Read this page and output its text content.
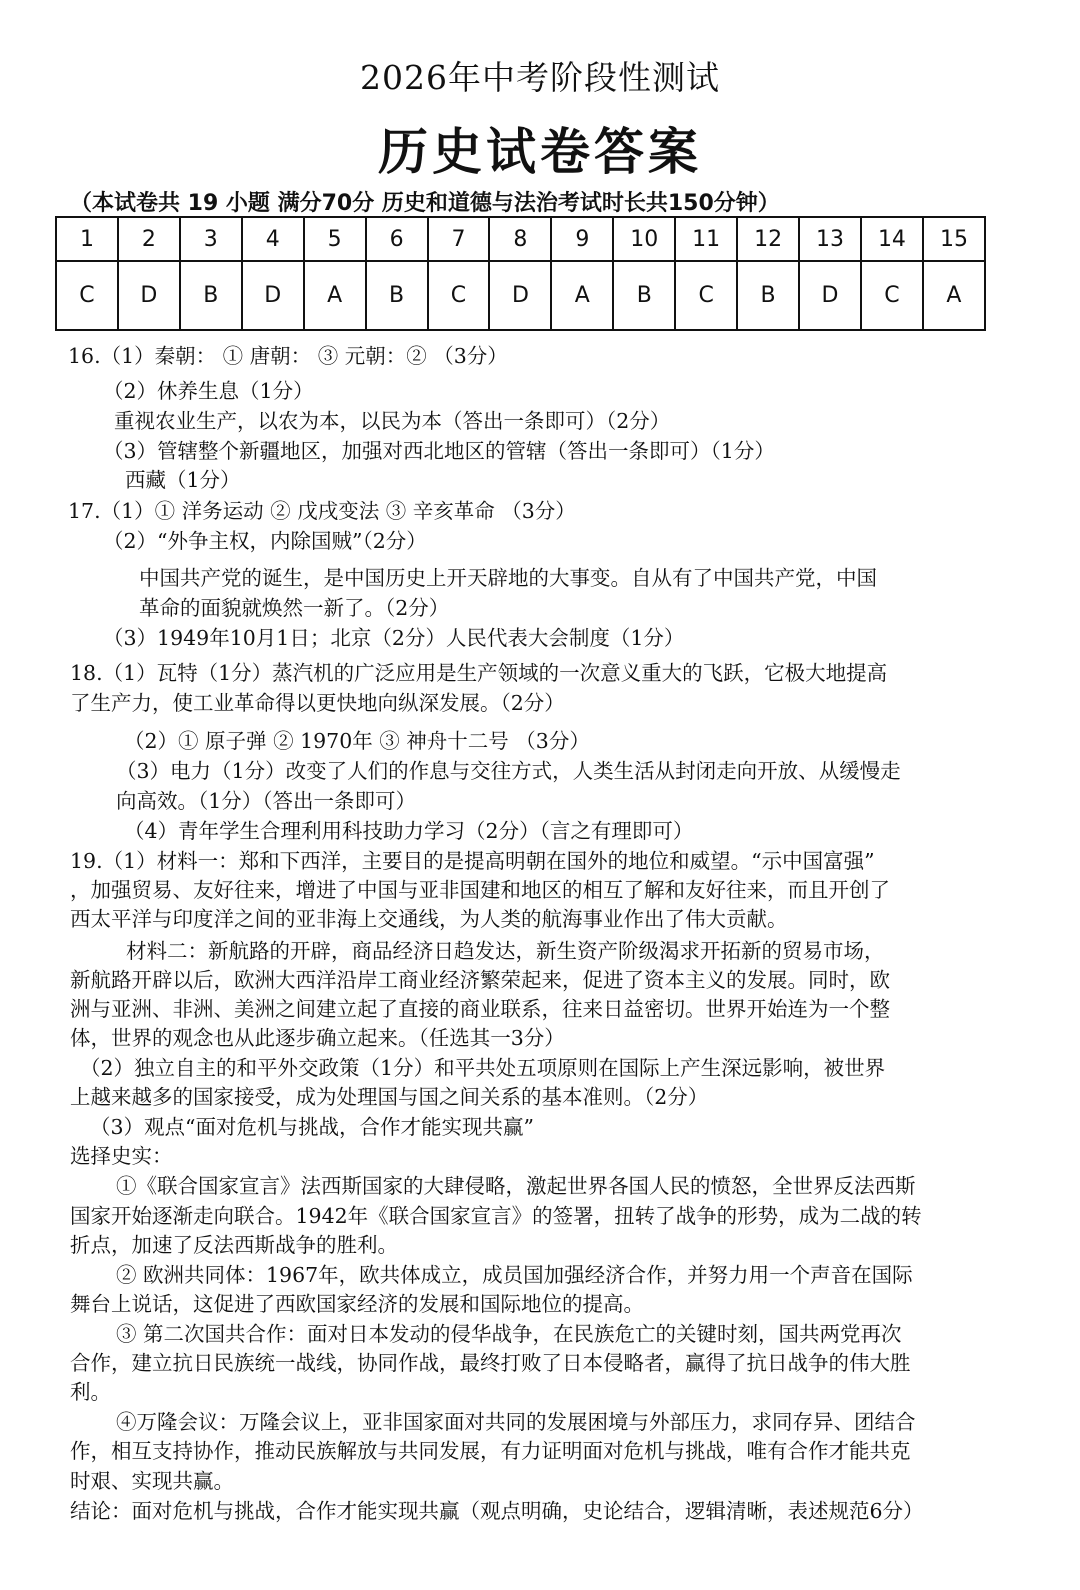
2026年中考阶段性测试
历史试卷答案
（本试卷共 19 小题 满分70分 历史和道德与法治考试时长共150分钟）
1	2	3	4	5	6	7	8	9	10	11	12	13	14	15
C	D	B	D	A	B	C	D	A	B	C	B	D	C	A
16.（1）秦朝： ① 唐朝： ③ 元朝：② （3分）
（2）休养生息（1分）
重视农业生产，以农为本，以民为本（答出一条即可）（2分）
（3）管辖整个新疆地区，加强对西北地区的管辖（答出一条即可）（1分）
西藏（1分）
17.（1）① 洋务运动 ② 戊戌变法 ③ 辛亥革命 （3分）
（2）“外争主权，内除国贼”（2分）
中国共产党的诞生，是中国历史上开天辟地的大事变。自从有了中国共产党，中国
革命的面貌就焕然一新了。（2分）
（3）1949年10月1日；北京（2分）人民代表大会制度（1分）
18.（1）瓦特（1分）蒸汽机的广泛应用是生产领域的一次意义重大的飞跃，它极大地提高
了生产力，使工业革命得以更快地向纵深发展。（2分）
（2）① 原子弹 ② 1970年 ③ 神舟十二号 （3分）
（3）电力（1分）改变了人们的作息与交往方式，人类生活从封闭走向开放、从缓慢走
向高效。（1分）（答出一条即可）
（4）青年学生合理利用科技助力学习（2分）（言之有理即可）
19.（1）材料一：郑和下西洋，主要目的是提高明朝在国外的地位和威望。“示中国富强”
，加强贸易、友好往来，增进了中国与亚非国建和地区的相互了解和友好往来，而且开创了
西太平洋与印度洋之间的亚非海上交通线，为人类的航海事业作出了伟大贡献。
材料二：新航路的开辟，商品经济日趋发达，新生资产阶级渴求开拓新的贸易市场，
新航路开辟以后，欧洲大西洋沿岸工商业经济繁荣起来，促进了资本主义的发展。同时，欧
洲与亚洲、非洲、美洲之间建立起了直接的商业联系，往来日益密切。世界开始连为一个整
体，世界的观念也从此逐步确立起来。（任选其一3分）
（2）独立自主的和平外交政策（1分）和平共处五项原则在国际上产生深远影响，被世界
上越来越多的国家接受，成为处理国与国之间关系的基本准则。（2分）
（3）观点“面对危机与挑战，合作才能实现共赢”
选择史实：
①《联合国家宣言》法西斯国家的大肆侵略，激起世界各国人民的愤怒，全世界反法西斯
国家开始逐渐走向联合。1942年《联合国家宣言》的签署，扭转了战争的形势，成为二战的转
折点，加速了反法西斯战争的胜利。
② 欧洲共同体：1967年，欧共体成立，成员国加强经济合作，并努力用一个声音在国际
舞台上说话，这促进了西欧国家经济的发展和国际地位的提高。
③ 第二次国共合作：面对日本发动的侵华战争，在民族危亡的关键时刻，国共两党再次
合作，建立抗日民族统一战线，协同作战，最终打败了日本侵略者，赢得了抗日战争的伟大胜
利。
④万隆会议：万隆会议上，亚非国家面对共同的发展困境与外部压力，求同存异、团结合
作，相互支持协作，推动民族解放与共同发展，有力证明面对危机与挑战，唯有合作才能共克
时艰、实现共赢。
结论：面对危机与挑战，合作才能实现共赢（观点明确，史论结合，逻辑清晰，表述规范6分）
